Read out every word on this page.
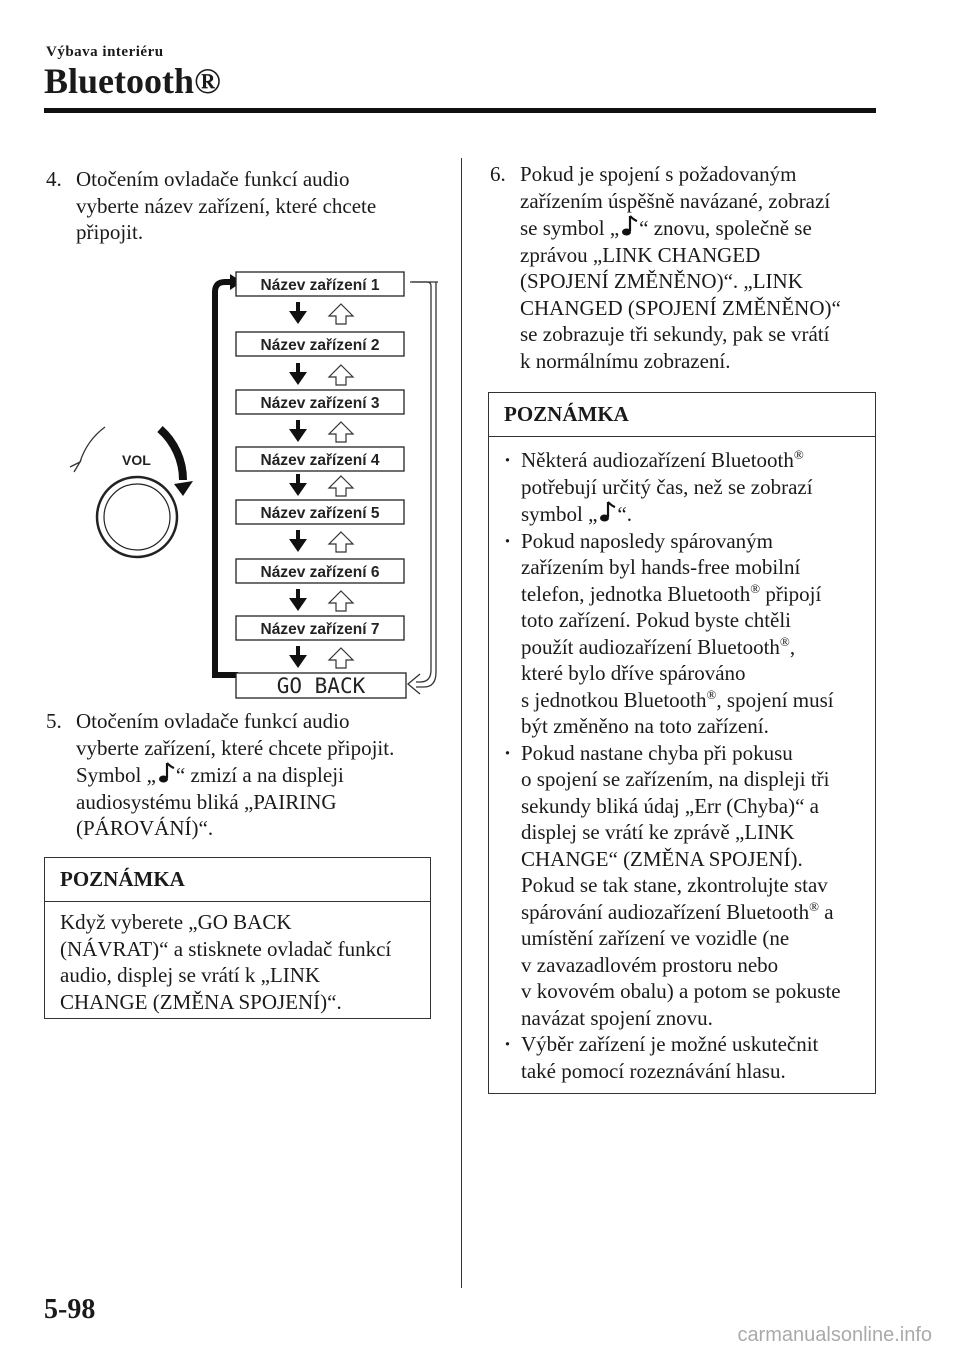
Výbava interiéru
Bluetooth®
4. Otočením ovladače funkcí audio
vyberte název zařízení, které chcete
připojit.
VOL
Název zařízení 1
Název zařízení 2
Název zařízení 3
Název zařízení 4
Název zařízení 5
Název zařízení 6
Název zařízení 7
GO BACK
5. Otočením ovladače funkcí audio
vyberte zařízení, které chcete připojit.
Symbol „ “ zmizí a na displeji
audiosystému bliká „PAIRING
(PÁROVÁNÍ)“.
POZNÁMKA
Když vyberete „GO BACK
(NÁVRAT)“ a stisknete ovladač funkcí
audio, displej se vrátí k „LINK
CHANGE (ZMĚNA SPOJENÍ)“.
6. Pokud je spojení s požadovaným
zařízením úspěšně navázané, zobrazí
se symbol „ “ znovu, společně se
zprávou „LINK CHANGED
(SPOJENÍ ZMĚNĚNO)“. „LINK
CHANGED (SPOJENÍ ZMĚNĚNO)“
se zobrazuje tři sekundy, pak se vrátí
k normálnímu zobrazení.
POZNÁMKA
· Některá audiozařízení Bluetooth®
potřebují určitý čas, než se zobrazí
symbol „ “.
· Pokud naposledy spárovaným
zařízením byl hands-free mobilní
telefon, jednotka Bluetooth® připojí
toto zařízení. Pokud byste chtěli
použít audiozařízení Bluetooth®,
které bylo dříve spárováno
s jednotkou Bluetooth®, spojení musí
být změněno na toto zařízení.
· Pokud nastane chyba při pokusu
o spojení se zařízením, na displeji tři
sekundy bliká údaj „Err (Chyba)“ a
displej se vrátí ke zprávě „LINK
CHANGE“ (ZMĚNA SPOJENÍ).
Pokud se tak stane, zkontrolujte stav
spárování audiozařízení Bluetooth® a
umístění zařízení ve vozidle (ne
v zavazadlovém prostoru nebo
v kovovém obalu) a potom se pokuste
navázat spojení znovu.
· Výběr zařízení je možné uskutečnit
také pomocí rozeznávání hlasu.
5-98
carmanualsonline.info
